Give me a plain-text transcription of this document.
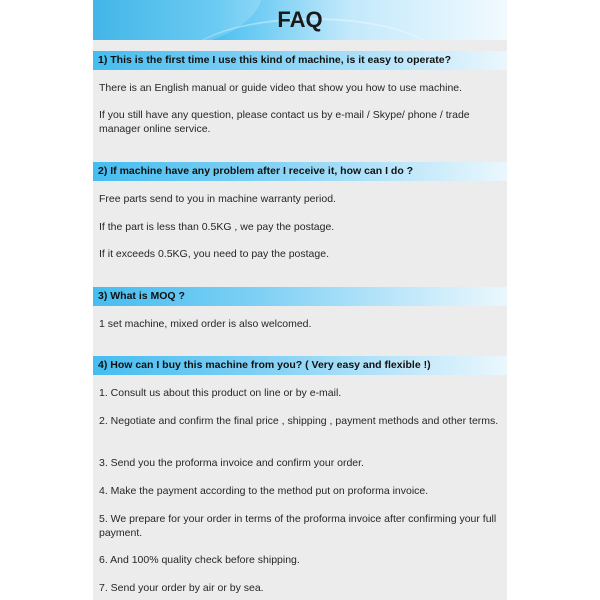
FAQ
1) This is the first time I use this kind of machine, is it easy to operate?
There is an English manual or guide video that show you how to use machine.
If you still have any question, please contact us by e-mail / Skype/ phone / trade manager online service.
2) If machine have any problem after I receive it, how can I do ?
Free parts send to you in machine warranty period.
If the part is less than 0.5KG , we pay the postage.
If it exceeds 0.5KG, you need to pay the postage.
3) What is MOQ ?
1 set machine, mixed order is also welcomed.
4) How can I buy this machine from you? ( Very easy and flexible !)
1. Consult us about this product on line or by e-mail.
2. Negotiate and confirm the final price , shipping , payment methods and other terms.
3. Send you the proforma invoice and confirm your order.
4. Make the payment according to the method put on proforma invoice.
5. We prepare for your order in terms of the proforma invoice after confirming your full payment.
6. And 100% quality check before shipping.
7. Send your order by air or by sea.
